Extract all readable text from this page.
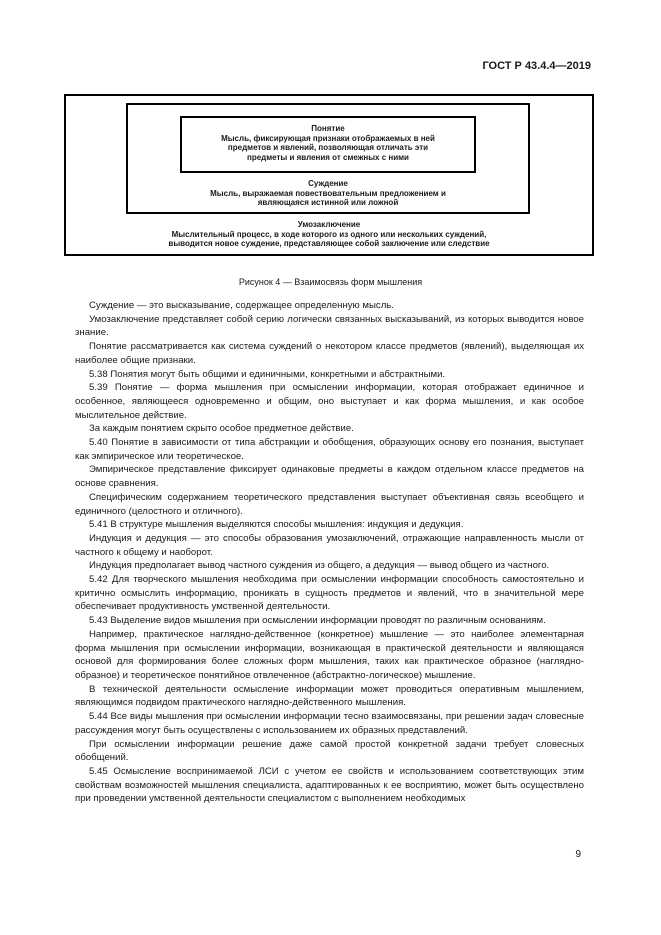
ГОСТ Р 43.4.4—2019
Понятие
Мысль, фиксирующая признаки отображаемых в ней
предметов и явлений, позволяющая отличать эти
предметы и явления от смежных с ними
Суждение
Мысль, выражаемая повествовательным предложением и
являющаяся истинной или ложной
Умозаключение
Мыслительный процесс, в ходе которого из одного или нескольких суждений,
выводится новое суждение, представляющее собой заключение или следствие
Рисунок 4 — Взаимосвязь форм мышления

Суждение — это высказывание, содержащее определенную мысль.

Умозаключение представляет собой серию логически связанных высказываний, из которых выводится новое знание.

Понятие рассматривается как система суждений о некотором классе предметов (явлений), выделяющая их наиболее общие признаки.

5.38 Понятия могут быть общими и единичными, конкретными и абстрактными.

5.39 Понятие — форма мышления при осмыслении информации, которая отображает единичное и особенное, являющееся одновременно и общим, оно выступает и как форма мышления, и как особое мыслительное действие.

За каждым понятием скрыто особое предметное действие.

5.40 Понятие в зависимости от типа абстракции и обобщения, образующих основу его познания, выступает как эмпирическое или теоретическое.

Эмпирическое представление фиксирует одинаковые предметы в каждом отдельном классе предметов на основе сравнения.

Специфическим содержанием теоретического представления выступает объективная связь всеобщего и единичного (целостного и отличного).

5.41 В структуре мышления выделяются способы мышления: индукция и дедукция.

Индукция и дедукция — это способы образования умозаключений, отражающие направленность мысли от частного к общему и наоборот.

Индукция предполагает вывод частного суждения из общего, а дедукция — вывод общего из частного.

5.42 Для творческого мышления необходима при осмыслении информации способность самостоятельно и критично осмыслить информацию, проникать в сущность предметов и явлений, что в значительной мере обеспечивает продуктивность умственной деятельности.

5.43 Выделение видов мышления при осмыслении информации проводят по различным основаниям.

Например, практическое наглядно-действенное (конкретное) мышление — это наиболее элементарная форма мышления при осмыслении информации, возникающая в практической деятельности и являющаяся основой для формирования более сложных форм мышления, таких как практическое образное (наглядно-образное) и теоретическое понятийное отвлеченное (абстрактно-логическое) мышление.

В технической деятельности осмысление информации может проводиться оперативным мышлением, являющимся подвидом практического наглядно-действенного мышления.

5.44 Все виды мышления при осмыслении информации тесно взаимосвязаны, при решении задач словесные рассуждения могут быть осуществлены с использованием их образных представлений.

При осмыслении информации решение даже самой простой конкретной задачи требует словесных обобщений.

5.45 Осмысление воспринимаемой ЛСИ с учетом ее свойств и использованием соответствующих этим свойствам возможностей мышления специалиста, адаптированных к ее восприятию, может быть осуществлено при проведении умственной деятельности специалистом с выполнением необходимых

9
